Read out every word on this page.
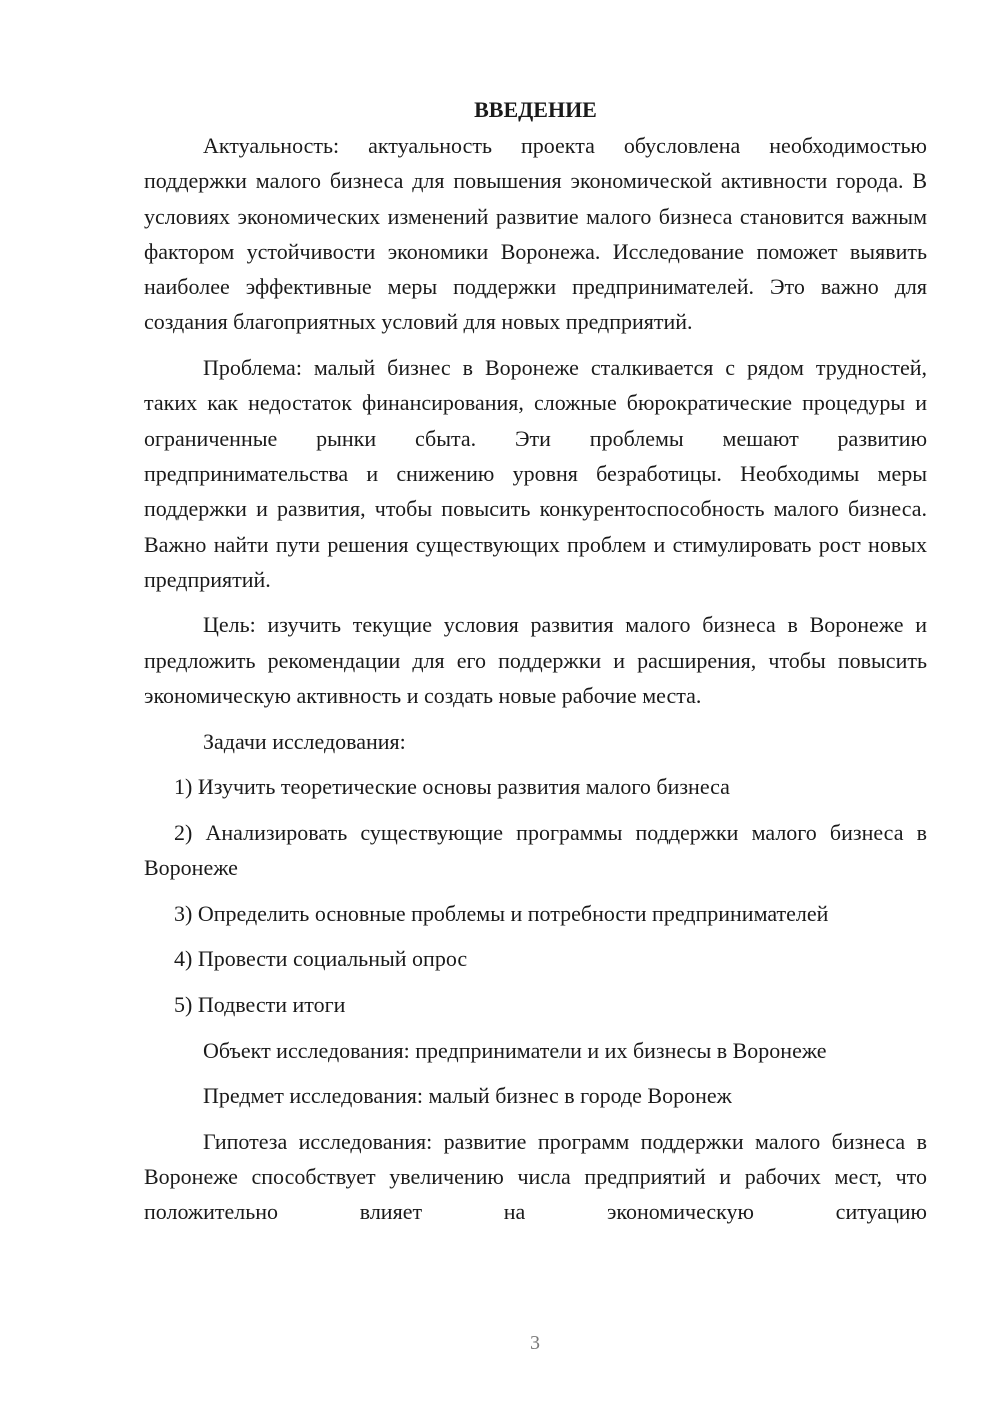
ВВЕДЕНИЕ

Актуальность: актуальность проекта обусловлена необходимостью поддержки малого бизнеса для повышения экономической активности города. В условиях экономических изменений развитие малого бизнеса становится важным фактором устойчивости экономики Воронежа. Исследование поможет выявить наиболее эффективные меры поддержки предпринимателей. Это важно для создания благоприятных условий для новых предприятий.

Проблема: малый бизнес в Воронеже сталкивается с рядом трудностей, таких как недостаток финансирования, сложные бюрократические процедуры и ограниченные рынки сбыта. Эти проблемы мешают развитию предпринимательства и снижению уровня безработицы. Необходимы меры поддержки и развития, чтобы повысить конкурентоспособность малого бизнеса. Важно найти пути решения существующих проблем и стимулировать рост новых предприятий.

Цель: изучить текущие условия развития малого бизнеса в Воронеже и предложить рекомендации для его поддержки и расширения, чтобы повысить экономическую активность и создать новые рабочие места.

Задачи исследования:

1) Изучить теоретические основы развития малого бизнеса

2) Анализировать существующие программы поддержки малого бизнеса в Воронеже

3) Определить основные проблемы и потребности предпринимателей

4) Провести социальный опрос

5) Подвести итоги

Объект исследования: предприниматели и их бизнесы в Воронеже

Предмет исследования: малый бизнес в городе Воронеж

Гипотеза исследования: развитие программ поддержки малого бизнеса в Воронеже способствует увеличению числа предприятий и рабочих мест, что положительно влияет на экономическую ситуацию

3
